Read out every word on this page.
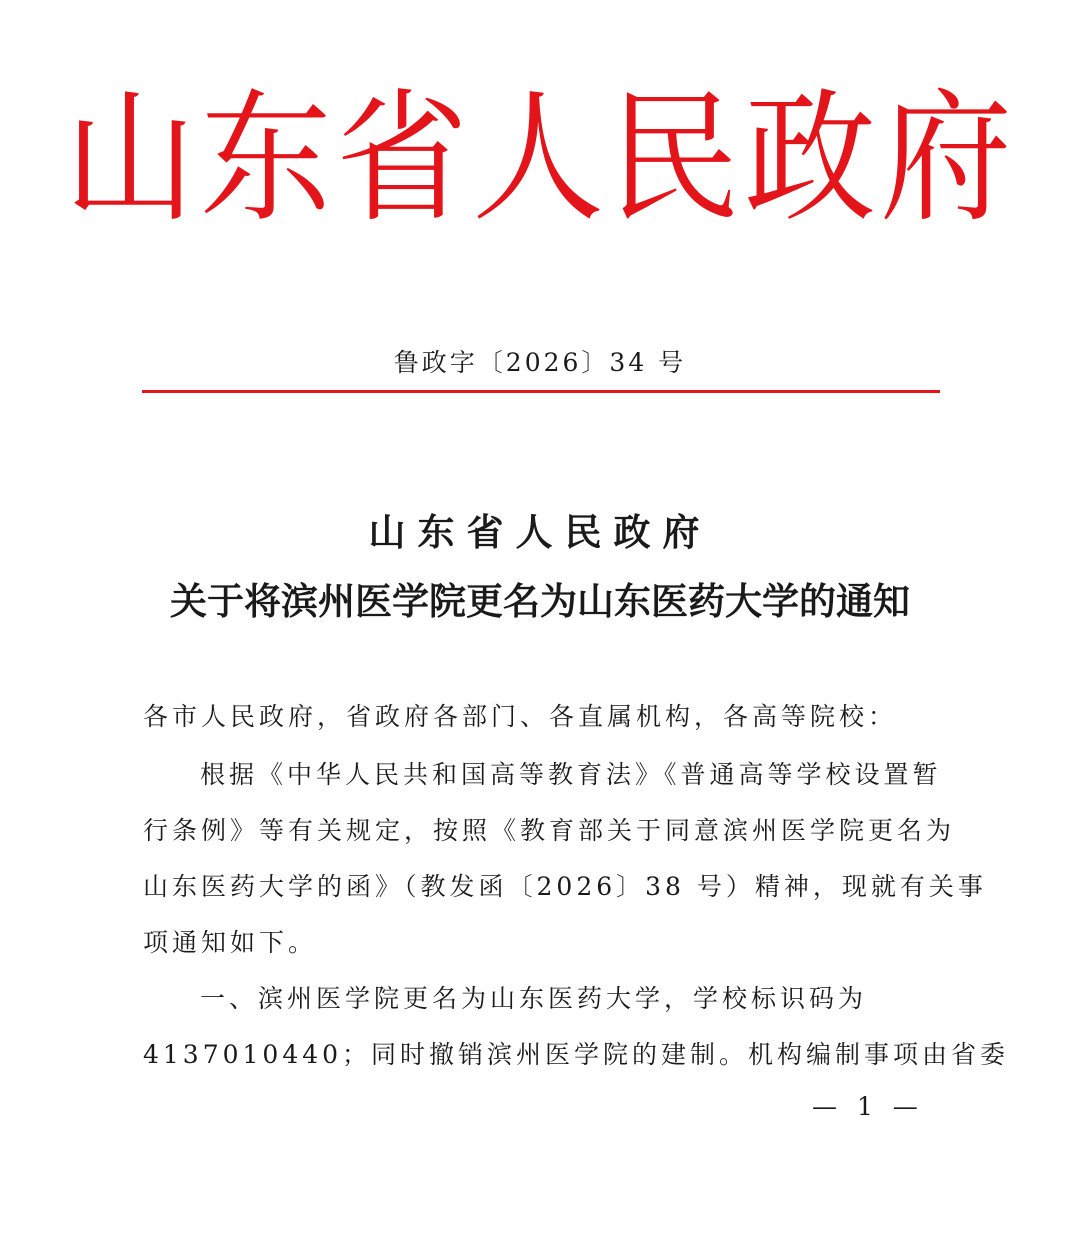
山东省人民政府
鲁政字〔2026〕34 号
山东省人民政府
关于将滨州医学院更名为山东医药大学的通知
各市人民政府，省政府各部门、各直属机构，各高等院校：
根据《中华人民共和国高等教育法》《普通高等学校设置暂
行条例》等有关规定，按照《教育部关于同意滨州医学院更名为
山东医药大学的函》（教发函〔2026〕38 号）精神，现就有关事
项通知如下。
一、滨州医学院更名为山东医药大学，学校标识码为
4137010440；同时撤销滨州医学院的建制。机构编制事项由省委
— 1 —
